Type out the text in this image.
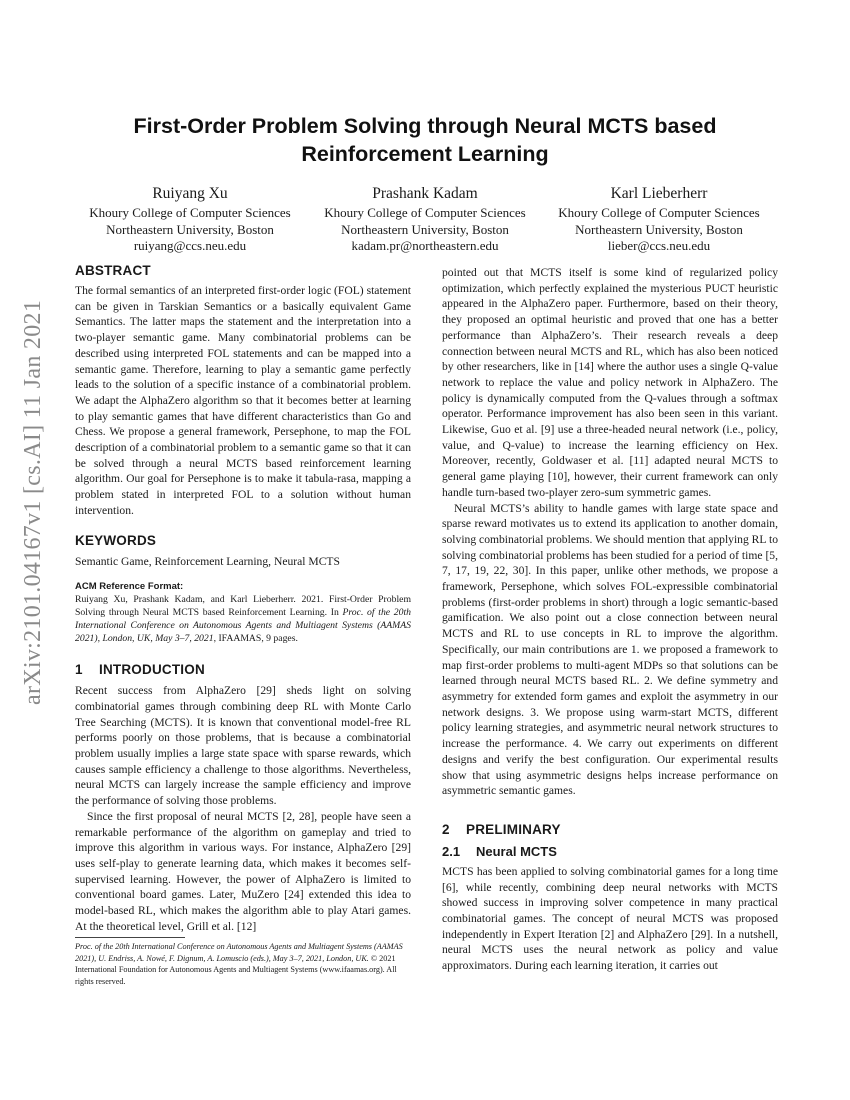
arXiv:2101.04167v1 [cs.AI] 11 Jan 2021
First-Order Problem Solving through Neural MCTS based Reinforcement Learning
Ruiyang Xu
Khoury College of Computer Sciences
Northeastern University, Boston
ruiyang@ccs.neu.edu
Prashank Kadam
Khoury College of Computer Sciences
Northeastern University, Boston
kadam.pr@northeastern.edu
Karl Lieberherr
Khoury College of Computer Sciences
Northeastern University, Boston
lieber@ccs.neu.edu
ABSTRACT

The formal semantics of an interpreted first-order logic (FOL) statement can be given in Tarskian Semantics or a basically equivalent Game Semantics. The latter maps the statement and the interpretation into a two-player semantic game. Many combinatorial problems can be described using interpreted FOL statements and can be mapped into a semantic game. Therefore, learning to play a semantic game perfectly leads to the solution of a specific instance of a combinatorial problem. We adapt the AlphaZero algorithm so that it becomes better at learning to play semantic games that have different characteristics than Go and Chess. We propose a general framework, Persephone, to map the FOL description of a combinatorial problem to a semantic game so that it can be solved through a neural MCTS based reinforcement learning algorithm. Our goal for Persephone is to make it tabula-rasa, mapping a problem stated in interpreted FOL to a solution without human intervention.

KEYWORDS
Semantic Game, Reinforcement Learning, Neural MCTS
ACM Reference Format:
Ruiyang Xu, Prashank Kadam, and Karl Lieberherr. 2021. First-Order Problem Solving through Neural MCTS based Reinforcement Learning. In Proc. of the 20th International Conference on Autonomous Agents and Multiagent Systems (AAMAS 2021), London, UK, May 3–7, 2021, IFAAMAS, 9 pages.
1 INTRODUCTION

Recent success from AlphaZero [29] sheds light on solving combinatorial games through combining deep RL with Monte Carlo Tree Searching (MCTS). It is known that conventional model-free RL performs poorly on those problems, that is because a combinatorial problem usually implies a large state space with sparse rewards, which causes sample efficiency a challenge to those algorithms. Nevertheless, neural MCTS can largely increase the sample efficiency and improve the performance of solving those problems.

Since the first proposal of neural MCTS [2, 28], people have seen a remarkable performance of the algorithm on gameplay and tried to improve this algorithm in various ways. For instance, AlphaZero [29] uses self-play to generate learning data, which makes it becomes self-supervised learning. However, the power of AlphaZero is limited to conventional board games. Later, MuZero [24] extended this idea to model-based RL, which makes the algorithm able to play Atari games. At the theoretical level, Grill et al. [12]

pointed out that MCTS itself is some kind of regularized policy optimization, which perfectly explained the mysterious PUCT heuristic appeared in the AlphaZero paper. Furthermore, based on their theory, they proposed an optimal heuristic and proved that one has a better performance than AlphaZero’s. Their research reveals a deep connection between neural MCTS and RL, which has also been noticed by other researchers, like in [14] where the author uses a single Q-value network to replace the value and policy network in AlphaZero. The policy is dynamically computed from the Q-values through a softmax operator. Performance improvement has also been seen in this variant. Likewise, Guo et al. [9] use a three-headed neural network (i.e., policy, value, and Q-value) to increase the learning efficiency on Hex. Moreover, recently, Goldwaser et al. [11] adapted neural MCTS to general game playing [10], however, their current framework can only handle turn-based two-player zero-sum symmetric games.

Neural MCTS’s ability to handle games with large state space and sparse reward motivates us to extend its application to another domain, solving combinatorial problems. We should mention that applying RL to solving combinatorial problems has been studied for a period of time [5, 7, 17, 19, 22, 30]. In this paper, unlike other methods, we propose a framework, Persephone, which solves FOL-expressible combinatorial problems (first-order problems in short) through a logic semantic-based gamification. We also point out a close connection between neural MCTS and RL to use concepts in RL to improve the algorithm. Specifically, our main contributions are 1. we proposed a framework to map first-order problems to multi-agent MDPs so that solutions can be learned through neural MCTS based RL. 2. We define symmetry and asymmetry for extended form games and exploit the asymmetry in our network designs. 3. We propose using warm-start MCTS, different policy learning strategies, and asymmetric neural network structures to increase the performance. 4. We carry out experiments on different designs and verify the best configuration. Our experimental results show that using asymmetric designs helps increase performance on asymmetric semantic games.

2 PRELIMINARY
2.1 Neural MCTS

MCTS has been applied to solving combinatorial games for a long time [6], while recently, combining deep neural networks with MCTS showed success in improving solver competence in many practical combinatorial games. The concept of neural MCTS was proposed independently in Expert Iteration [2] and AlphaZero [29]. In a nutshell, neural MCTS uses the neural network as policy and value approximators. During each learning iteration, it carries out

Proc. of the 20th International Conference on Autonomous Agents and Multiagent Systems (AAMAS 2021), U. Endriss, A. Nowé, F. Dignum, A. Lomuscio (eds.), May 3–7, 2021, London, UK. © 2021 International Foundation for Autonomous Agents and Multiagent Systems (www.ifaamas.org). All rights reserved.
